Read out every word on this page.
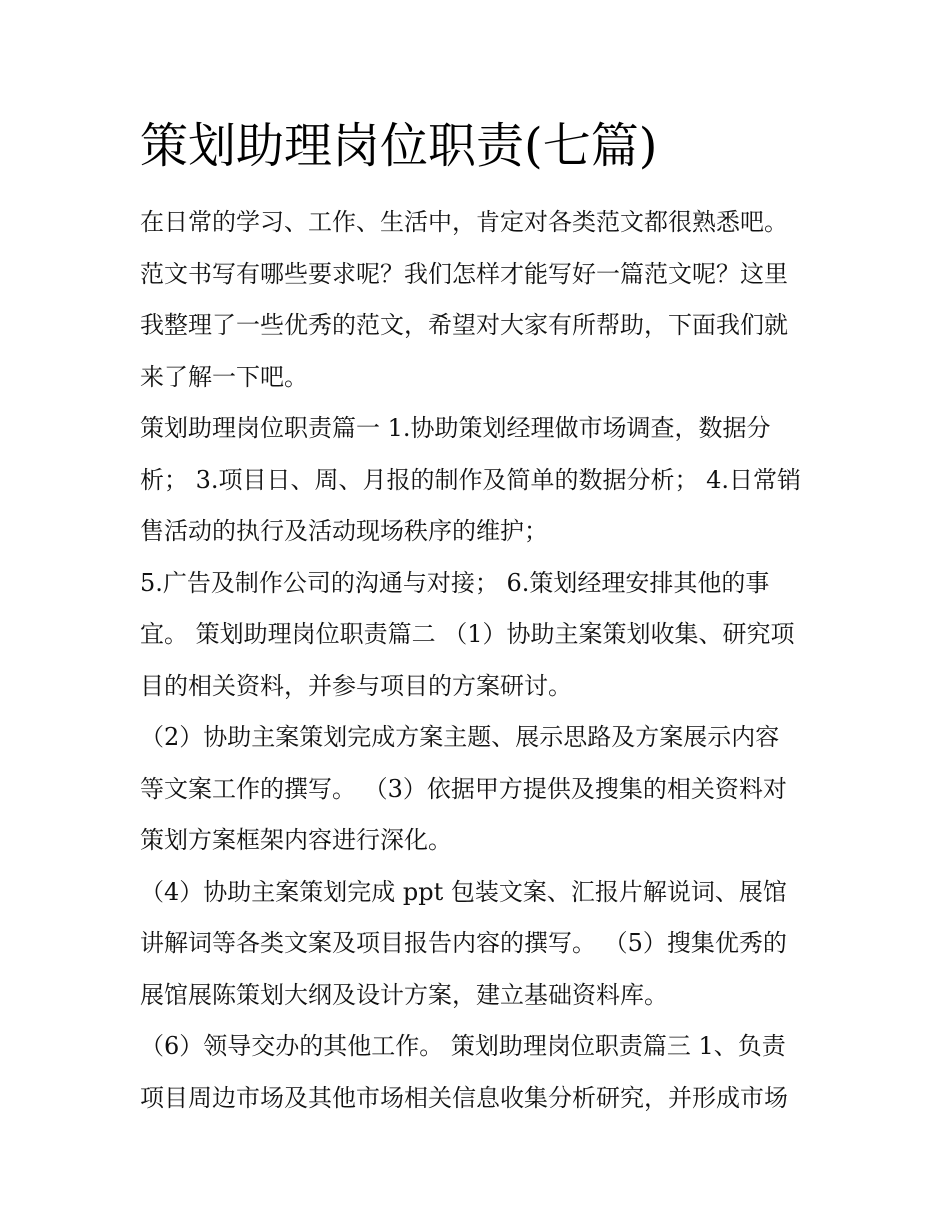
策划助理岗位职责(七篇)
在日常的学习、工作、生活中，肯定对各类范文都很熟悉吧。
范文书写有哪些要求呢？我们怎样才能写好一篇范文呢？这里
我整理了一些优秀的范文，希望对大家有所帮助，下面我们就
来了解一下吧。
策划助理岗位职责篇一 1.协助策划经理做市场调查，数据分
析； 3.项目日、周、月报的制作及简单的数据分析； 4.日常销
售活动的执行及活动现场秩序的维护；
5.广告及制作公司的沟通与对接； 6.策划经理安排其他的事
宜。 策划助理岗位职责篇二 （1）协助主案策划收集、研究项
目的相关资料，并参与项目的方案研讨。
（2）协助主案策划完成方案主题、展示思路及方案展示内容
等文案工作的撰写。 （3）依据甲方提供及搜集的相关资料对
策划方案框架内容进行深化。
（4）协助主案策划完成 ppt 包装文案、汇报片解说词、展馆
讲解词等各类文案及项目报告内容的撰写。 （5）搜集优秀的
展馆展陈策划大纲及设计方案，建立基础资料库。
（6）领导交办的其他工作。 策划助理岗位职责篇三 1、负责
项目周边市场及其他市场相关信息收集分析研究，并形成市场
